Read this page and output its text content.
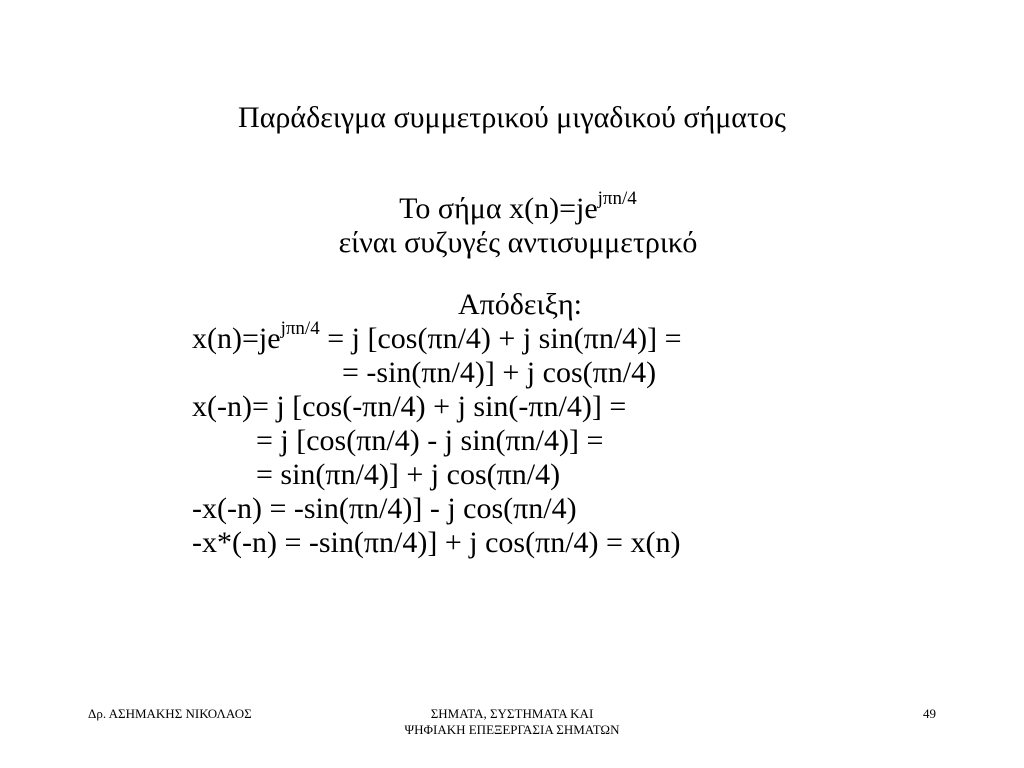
Παράδειγμα συμμετρικού μιγαδικού σήματος
Το σήμα $x(n)=je^{j\pi n/4}$
είναι συζυγές αντισυμμετρικό
Απόδειξη:
$x(n)=je^{j\pi n/4} = j$ [cos(πn/4) + j sin(πn/4)] =
= -sin(πn/4)] + j cos(πn/4)
x(-n)= j [cos(-πn/4) + j sin(-πn/4)] =
= j [cos(πn/4) - j sin(πn/4)] =
= sin(πn/4)] + j cos(πn/4)
-x(-n) = -sin(πn/4)] - j cos(πn/4)
-x*(-n) = -sin(πn/4)] + j cos(πn/4) = x(n)
Δρ. ΑΣΗΜΑΚΗΣ ΝΙΚΟΛΑΟΣ	ΣΗΜΑΤΑ, ΣΥΣΤΗΜΑΤΑ ΚΑΙ
ΨΗΦΙΑΚΗ ΕΠΕΞΕΡΓΑΣΙΑ ΣΗΜΑΤΩΝ
49
